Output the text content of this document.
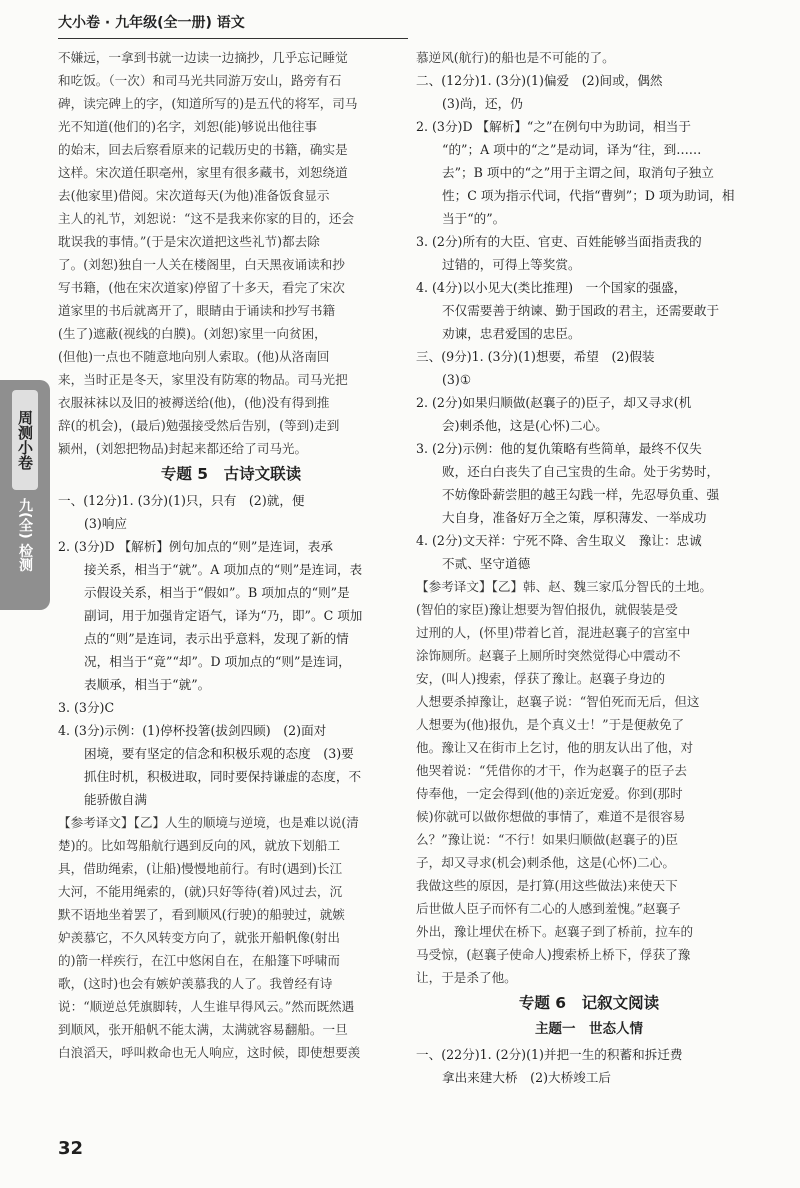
大小卷 · 九年级(全一册) 语文
周测小卷
九(全) 检测

不嫌远，一拿到书就一边读一边摘抄，几乎忘记睡觉

和吃饭。（一次）和司马光共同游万安山，路旁有石

碑，读完碑上的字，(知道所写的)是五代的将军，司马

光不知道(他们的)名字，刘恕(能)够说出他往事

的始末，回去后察看原来的记载历史的书籍，确实是

这样。宋次道任职亳州，家里有很多藏书，刘恕绕道

去(他家里)借阅。宋次道每天(为他)准备饭食显示

主人的礼节，刘恕说：“这不是我来你家的目的，还会

耽误我的事情。”(于是宋次道把这些礼节)都去除

了。(刘恕)独自一人关在楼阁里，白天黑夜诵读和抄

写书籍，(他在宋次道家)停留了十多天，看完了宋次

道家里的书后就离开了，眼睛由于诵读和抄写书籍

(生了)遮蔽(视线的白膜)。(刘恕)家里一向贫困，

(但他)一点也不随意地向别人索取。(他)从洛南回

来，当时正是冬天，家里没有防寒的物品。司马光把

衣服袜袜以及旧的被褥送给(他)，(他)没有得到推

辞(的机会)，(最后)勉强接受然后告别，(等到)走到

颍州，(刘恕把物品)封起来都还给了司马光。

专题 5　古诗文联读

一、(12分)1. (3分)(1)只，只有　(2)就，便

(3)响应

2. (3分)D 【解析】例句加点的“则”是连词，表承

接关系，相当于“就”。A 项加点的“则”是连词，表

示假设关系，相当于“假如”。B 项加点的“则”是

副词，用于加强肯定语气，译为“乃，即”。C 项加

点的“则”是连词，表示出乎意料，发现了新的情

况，相当于“竟”“却”。D 项加点的“则”是连词，

表顺承，相当于“就”。

3. (3分)C

4. (3分)示例：(1)停杯投箸(拔剑四顾)　(2)面对

困境，要有坚定的信念和积极乐观的态度　(3)要

抓住时机，积极进取，同时要保持谦虚的态度，不

能骄傲自满

【参考译文】【乙】人生的顺境与逆境，也是难以说(清

楚)的。比如驾船航行遇到反向的风，就放下划船工

具，借助绳索，(让船)慢慢地前行。有时(遇到)长江

大河，不能用绳索的，(就)只好等待(着)风过去，沉

默不语地坐着罢了，看到顺风(行驶)的船驶过，就嫉

妒羡慕它，不久风转变方向了，就张开船帆像(射出

的)箭一样疾行，在江中悠闲自在，在船篷下呼啸而

歌，(这时)也会有嫉妒羡慕我的人了。我曾经有诗

说：“顺逆总凭旗脚转，人生谁早得风云。”然而既然遇

到顺风，张开船帆不能太满，太满就容易翻船。一旦

白浪滔天，呼叫救命也无人响应，这时候，即使想要羡

慕逆风(航行)的船也是不可能的了。

二、(12分)1. (3分)(1)偏爱　(2)间或，偶然

(3)尚，还，仍

2. (3分)D 【解析】“之”在例句中为助词，相当于

“的”；A 项中的“之”是动词，译为“往，到……

去”；B 项中的“之”用于主谓之间，取消句子独立

性；C 项为指示代词，代指“曹刿”；D 项为助词，相

当于“的”。

3. (2分)所有的大臣、官吏、百姓能够当面指责我的

过错的，可得上等奖赏。

4. (4分)以小见大(类比推理)　一个国家的强盛，

不仅需要善于纳谏、勤于国政的君主，还需要敢于

劝谏，忠君爱国的忠臣。

三、(9分)1. (3分)(1)想要，希望　(2)假装

(3)①

2. (2分)如果归顺做(赵襄子的)臣子，却又寻求(机

会)刺杀他，这是(心怀)二心。

3. (2分)示例：他的复仇策略有些简单，最终不仅失

败，还白白丧失了自己宝贵的生命。处于劣势时，

不妨像卧薪尝胆的越王勾践一样，先忍辱负重、强

大自身，准备好万全之策，厚积薄发、一举成功

4. (2分)文天祥：宁死不降、舍生取义　豫让：忠诚

不贰、坚守道德

【参考译文】【乙】韩、赵、魏三家瓜分智氏的土地。

(智伯的家臣)豫让想要为智伯报仇，就假装是受

过刑的人，(怀里)带着匕首，混进赵襄子的宫室中

涂饰厕所。赵襄子上厕所时突然觉得心中震动不

安，(叫人)搜索，俘获了豫让。赵襄子身边的

人想要杀掉豫让，赵襄子说：“智伯死而无后，但这

人想要为(他)报仇，是个真义士！”于是便赦免了

他。豫让又在街市上乞讨，他的朋友认出了他，对

他哭着说：“凭借你的才干，作为赵襄子的臣子去

侍奉他，一定会得到(他的)亲近宠爱。你到(那时

候)你就可以做你想做的事情了，难道不是很容易

么？”豫让说：“不行！如果归顺做(赵襄子的)臣

子，却又寻求(机会)刺杀他，这是(心怀)二心。

我做这些的原因，是打算(用这些做法)来使天下

后世做人臣子而怀有二心的人感到羞愧。”赵襄子

外出，豫让埋伏在桥下。赵襄子到了桥前，拉车的

马受惊，(赵襄子使命人)搜索桥上桥下，俘获了豫

让，于是杀了他。

专题 6　记叙文阅读

主题一　世态人情

一、(22分)1. (2分)(1)并把一生的积蓄和拆迁费

拿出来建大桥　(2)大桥竣工后

32
